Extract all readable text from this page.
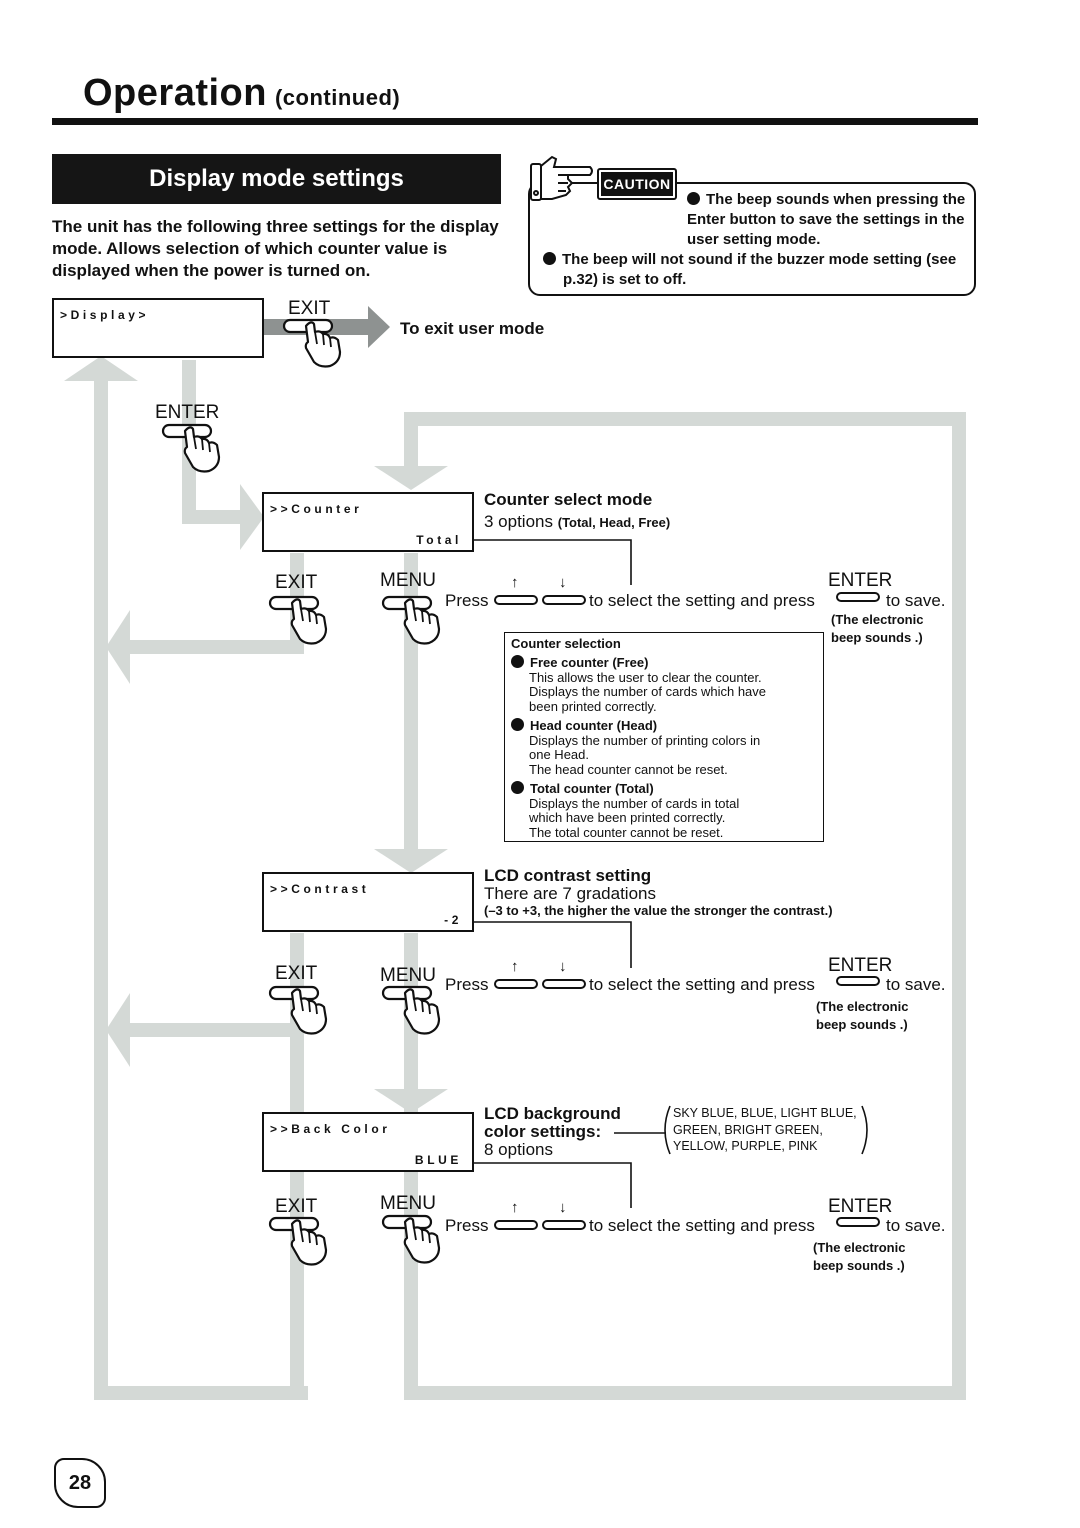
Operation (continued)
Display mode settings
The unit has the following three settings for the display mode. Allows selection of which counter value is displayed when the power is turned on.
CAUTION
The beep sounds when pressing the Enter button to save the settings in the user setting mode.
The beep will not sound if the buzzer mode setting (see p.32) is set to off.
>Display>	EXIT
To exit user mode
ENTER
>>Counter
Total
Counter select mode
3 options (Total, Head, Free)
EXIT	MENU	ENTER
↑	↓
Press	to select the setting and press	to save.
(The electronic
beep sounds .)
Counter selection
Free counter (Free)
This allows the user to clear the counter.
Displays the number of cards which have
been printed correctly.
Head counter (Head)
Displays the number of printing colors in
one Head.
The head counter cannot be reset.
Total counter (Total)
Displays the number of cards in total
which have been printed correctly.
The total counter cannot be reset.
>>Contrast
-2
LCD contrast setting
There are 7 gradations
(–3 to +3, the higher the value the stronger the contrast.)
EXIT	MENU	ENTER
↑	↓
Press	to select the setting and press	to save.
(The electronic
beep sounds .)
>>Back Color
BLUE
LCD background
color settings:
8 options
SKY BLUE, BLUE, LIGHT BLUE,
GREEN, BRIGHT GREEN,
YELLOW, PURPLE, PINK
EXIT	MENU	ENTER
↑	↓
Press	to select the setting and press	to save.
(The electronic
beep sounds .)
28
